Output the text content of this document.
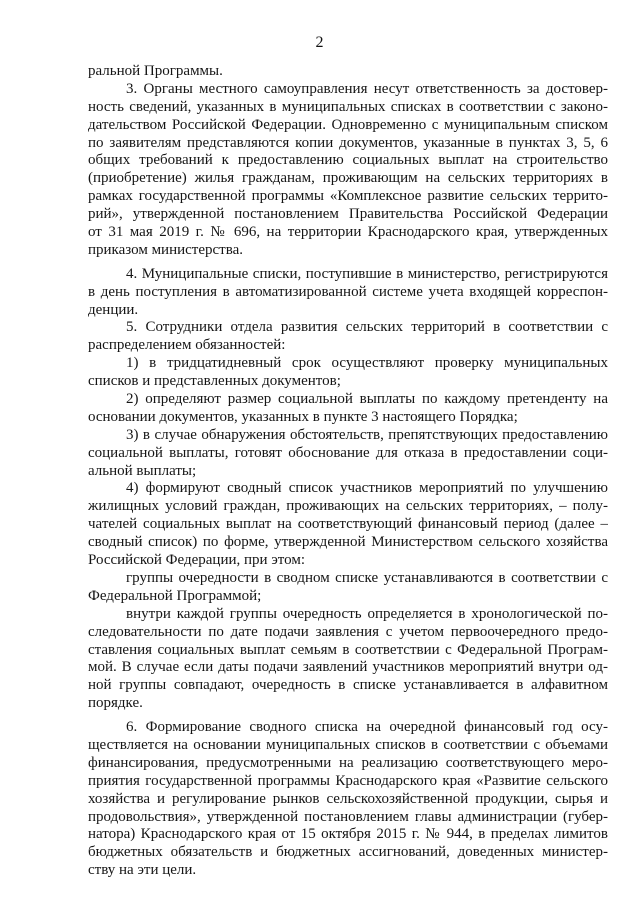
2
ральной Программы.
3. Органы местного самоуправления несут ответственность за достовер-
ность сведений, указанных в муниципальных списках в соответствии с законо-
дательством Российской Федерации. Одновременно с муниципальным списком
по заявителям представляются копии документов, указанные в пунктах 3, 5, 6
общих требований к предоставлению социальных выплат на строительство
(приобретение) жилья гражданам, проживающим на сельских территориях в
рамках государственной программы «Комплексное развитие сельских террито-
рий», утвержденной постановлением Правительства Российской Федерации
от 31 мая 2019 г. № 696, на территории Краснодарского края, утвержденных
приказом министерства.
4. Муниципальные списки, поступившие в министерство, регистрируются
в день поступления в автоматизированной системе учета входящей корреспон-
денции.
5. Сотрудники отдела развития сельских территорий в соответствии с
распределением обязанностей:
1) в тридцатидневный срок осуществляют проверку муниципальных
списков и представленных документов;
2) определяют размер социальной выплаты по каждому претенденту на
основании документов, указанных в пункте 3 настоящего Порядка;
3) в случае обнаружения обстоятельств, препятствующих предоставлению
социальной выплаты, готовят обоснование для отказа в предоставлении соци-
альной выплаты;
4) формируют сводный список участников мероприятий по улучшению
жилищных условий граждан, проживающих на сельских территориях, – полу-
чателей социальных выплат на соответствующий финансовый период (далее –
сводный список) по форме, утвержденной Министерством сельского хозяйства
Российской Федерации, при этом:
группы очередности в сводном списке устанавливаются в соответствии с
Федеральной Программой;
внутри каждой группы очередность определяется в хронологической по-
следовательности по дате подачи заявления с учетом первоочередного предо-
ставления социальных выплат семьям в соответствии с Федеральной Програм-
мой. В случае если даты подачи заявлений участников мероприятий внутри од-
ной группы совпадают, очередность в списке устанавливается в алфавитном
порядке.
6. Формирование сводного списка на очередной финансовый год осу-
ществляется на основании муниципальных списков в соответствии с объемами
финансирования, предусмотренными на реализацию соответствующего меро-
приятия государственной программы Краснодарского края «Развитие сельского
хозяйства и регулирование рынков сельскохозяйственной продукции, сырья и
продовольствия», утвержденной постановлением главы администрации (губер-
натора) Краснодарского края от 15 октября 2015 г. № 944, в пределах лимитов
бюджетных обязательств и бюджетных ассигнований, доведенных министер-
ству на эти цели.
